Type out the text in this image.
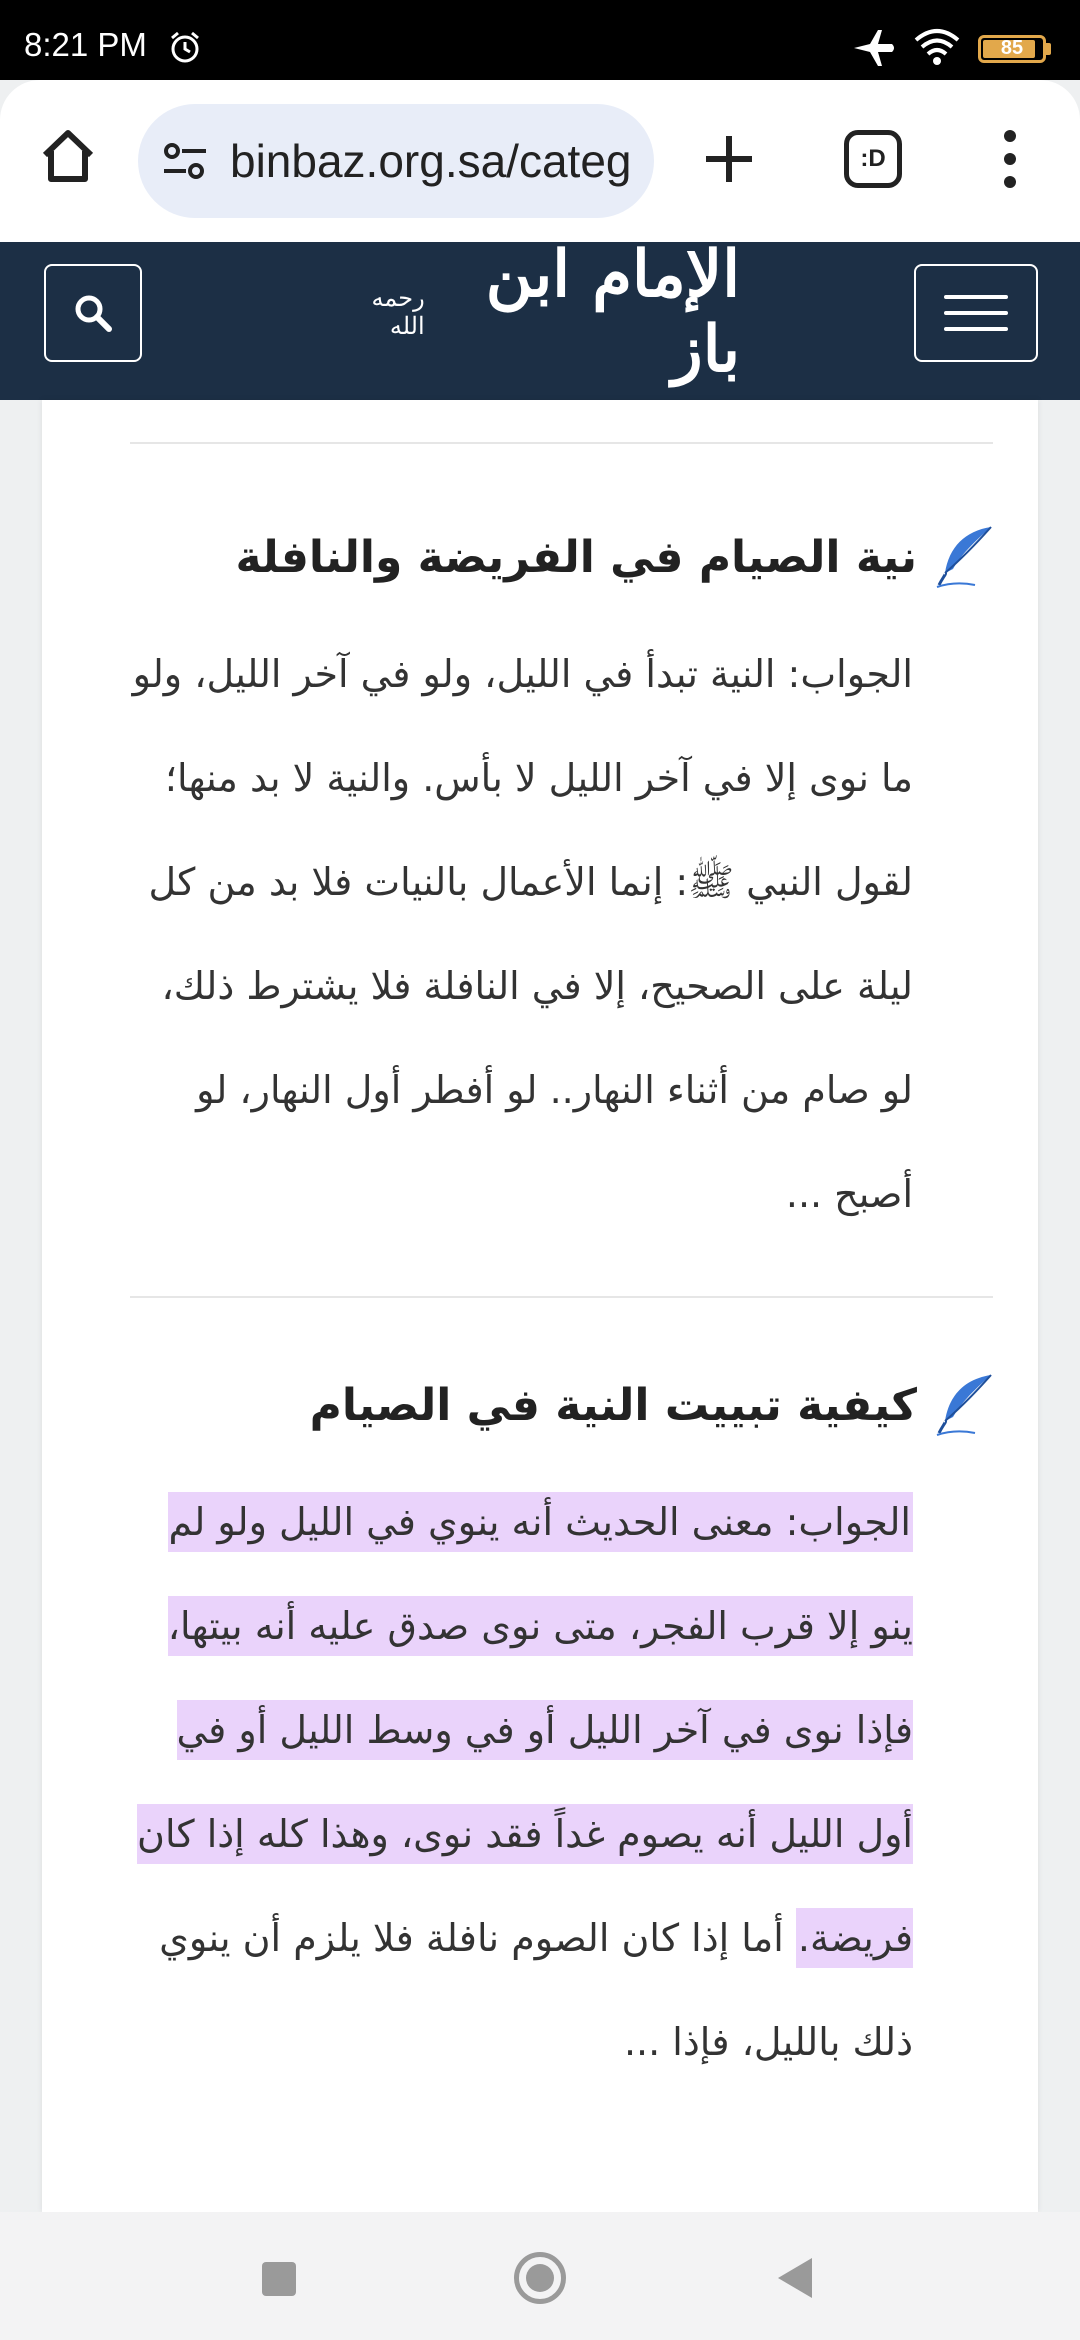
8:21 PM	85
binbaz.org.sa/categ	:D
الإمام ابن باز
رحمه الله
نية الصيام في الفريضة والنافلة
الجواب: النية تبدأ في الليل، ولو في آخر الليل، ولو ما نوى إلا في آخر الليل لا بأس. والنية لا بد منها؛ لقول النبي ﷺ: إنما الأعمال بالنيات فلا بد من كل ليلة على الصحيح، إلا في النافلة فلا يشترط ذلك، لو صام من أثناء النهار.. لو أفطر أول النهار، لو أصبح ...
كيفية تبييت النية في الصيام
الجواب: معنى الحديث أنه ينوي في الليل ولو لم ينو إلا قرب الفجر، متى نوى صدق عليه أنه بيتها، فإذا نوى في آخر الليل أو في وسط الليل أو في أول الليل أنه يصوم غداً فقد نوى، وهذا كله إذا كان فريضة. أما إذا كان الصوم نافلة فلا يلزم أن ينوي ذلك بالليل، فإذا ...
